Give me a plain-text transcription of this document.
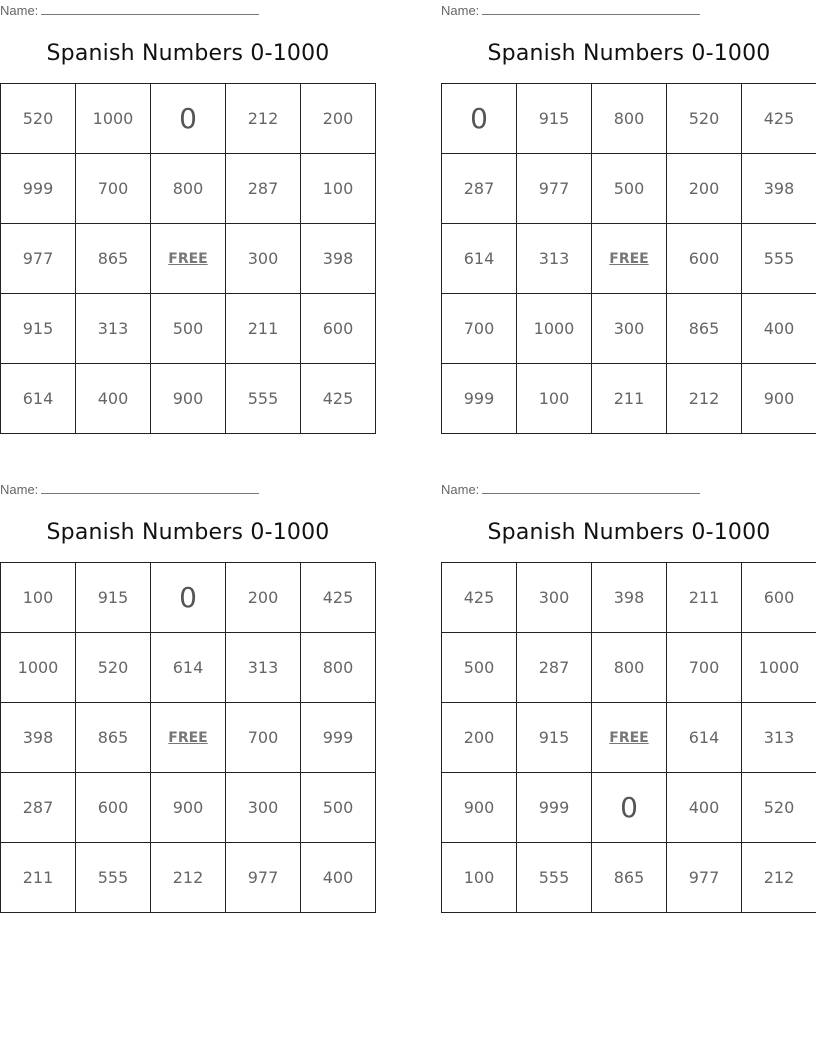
Name:
Spanish Numbers 0-1000
520	1000	0	212	200
999	700	800	287	100
977	865	FREE	300	398
915	313	500	211	600
614	400	900	555	425
Name:
Spanish Numbers 0-1000
0	915	800	520	425
287	977	500	200	398
614	313	FREE	600	555
700	1000	300	865	400
999	100	211	212	900
Name:
Spanish Numbers 0-1000
100	915	0	200	425
1000	520	614	313	800
398	865	FREE	700	999
287	600	900	300	500
211	555	212	977	400
Name:
Spanish Numbers 0-1000
425	300	398	211	600
500	287	800	700	1000
200	915	FREE	614	313
900	999	0	400	520
100	555	865	977	212
